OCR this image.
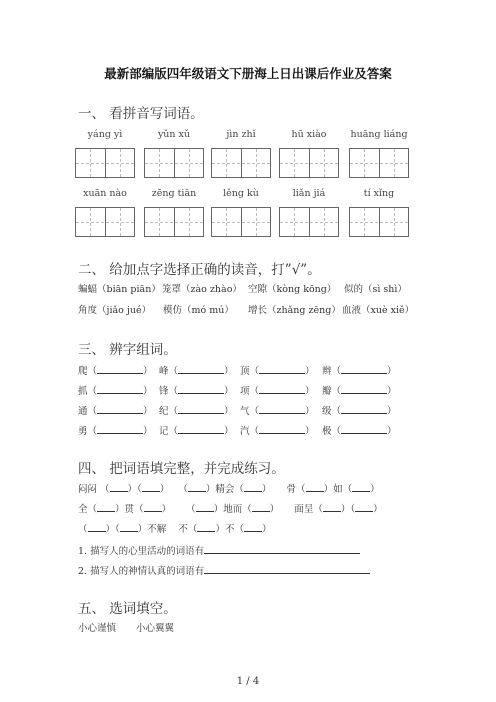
最新部编版四年级语文下册海上日出课后作业及答案
一、 看拼音写词语。
yáng yì	yǔn xǔ	jìn zhǐ	hū xiào	huāng liáng
xuān nào	zēng tiān	lěng kù	liǎn jiá	tí xǐng
二、 给加点字选择正确的读音，打”√”。
蝙蝠（biān piān） 笼罩（zào zhào） 空隙（kòng kōng） 似的（sì shì）
角度（jiǎo jué） 模仿（mó mú） 增长（zhǎng zēng） 血液（xuè xiě）
三、 辨字组词。
爬（	） 峰（	） 顶（	） 辫（	）
抓（	） 锋（	） 项（	） 瓣（	）
通（	） 纪（	） 气（	） 级（	）
勇（	） 记（	） 汽（	） 极（	）
四、 把词语填完整，并完成练习。
闷闷 （ ）（ ）   （ ）精会（ ）     骨（ ）如（ ）
全（ ）贯（ ）     （ ）地而（ ）     面呈（ ）（ ）
（ ）（ ）不解 不（ ）不（ ）
1. 描写人的心里活动的词语有
2. 描写人的神情认真的词语有
五、 选词填空。
小心谨慎 小心翼翼
1 / 4
